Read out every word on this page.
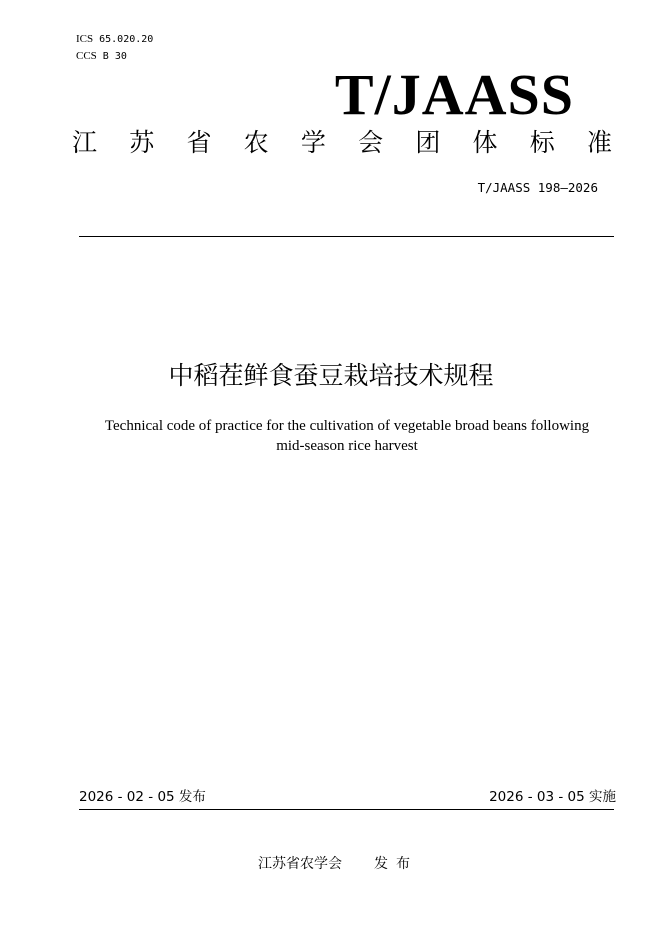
ICS 65.020.20
CCS B 30
T/JAASS
江 苏 省 农 学 会 团 体 标 准
T/JAASS 198—2026
中稻茬鲜食蚕豆栽培技术规程
Technical code of practice for the cultivation of vegetable broad beans following
mid-season rice harvest
2026 - 02 - 05 发布	2026 - 03 - 05 实施
江苏省农学会 发布
